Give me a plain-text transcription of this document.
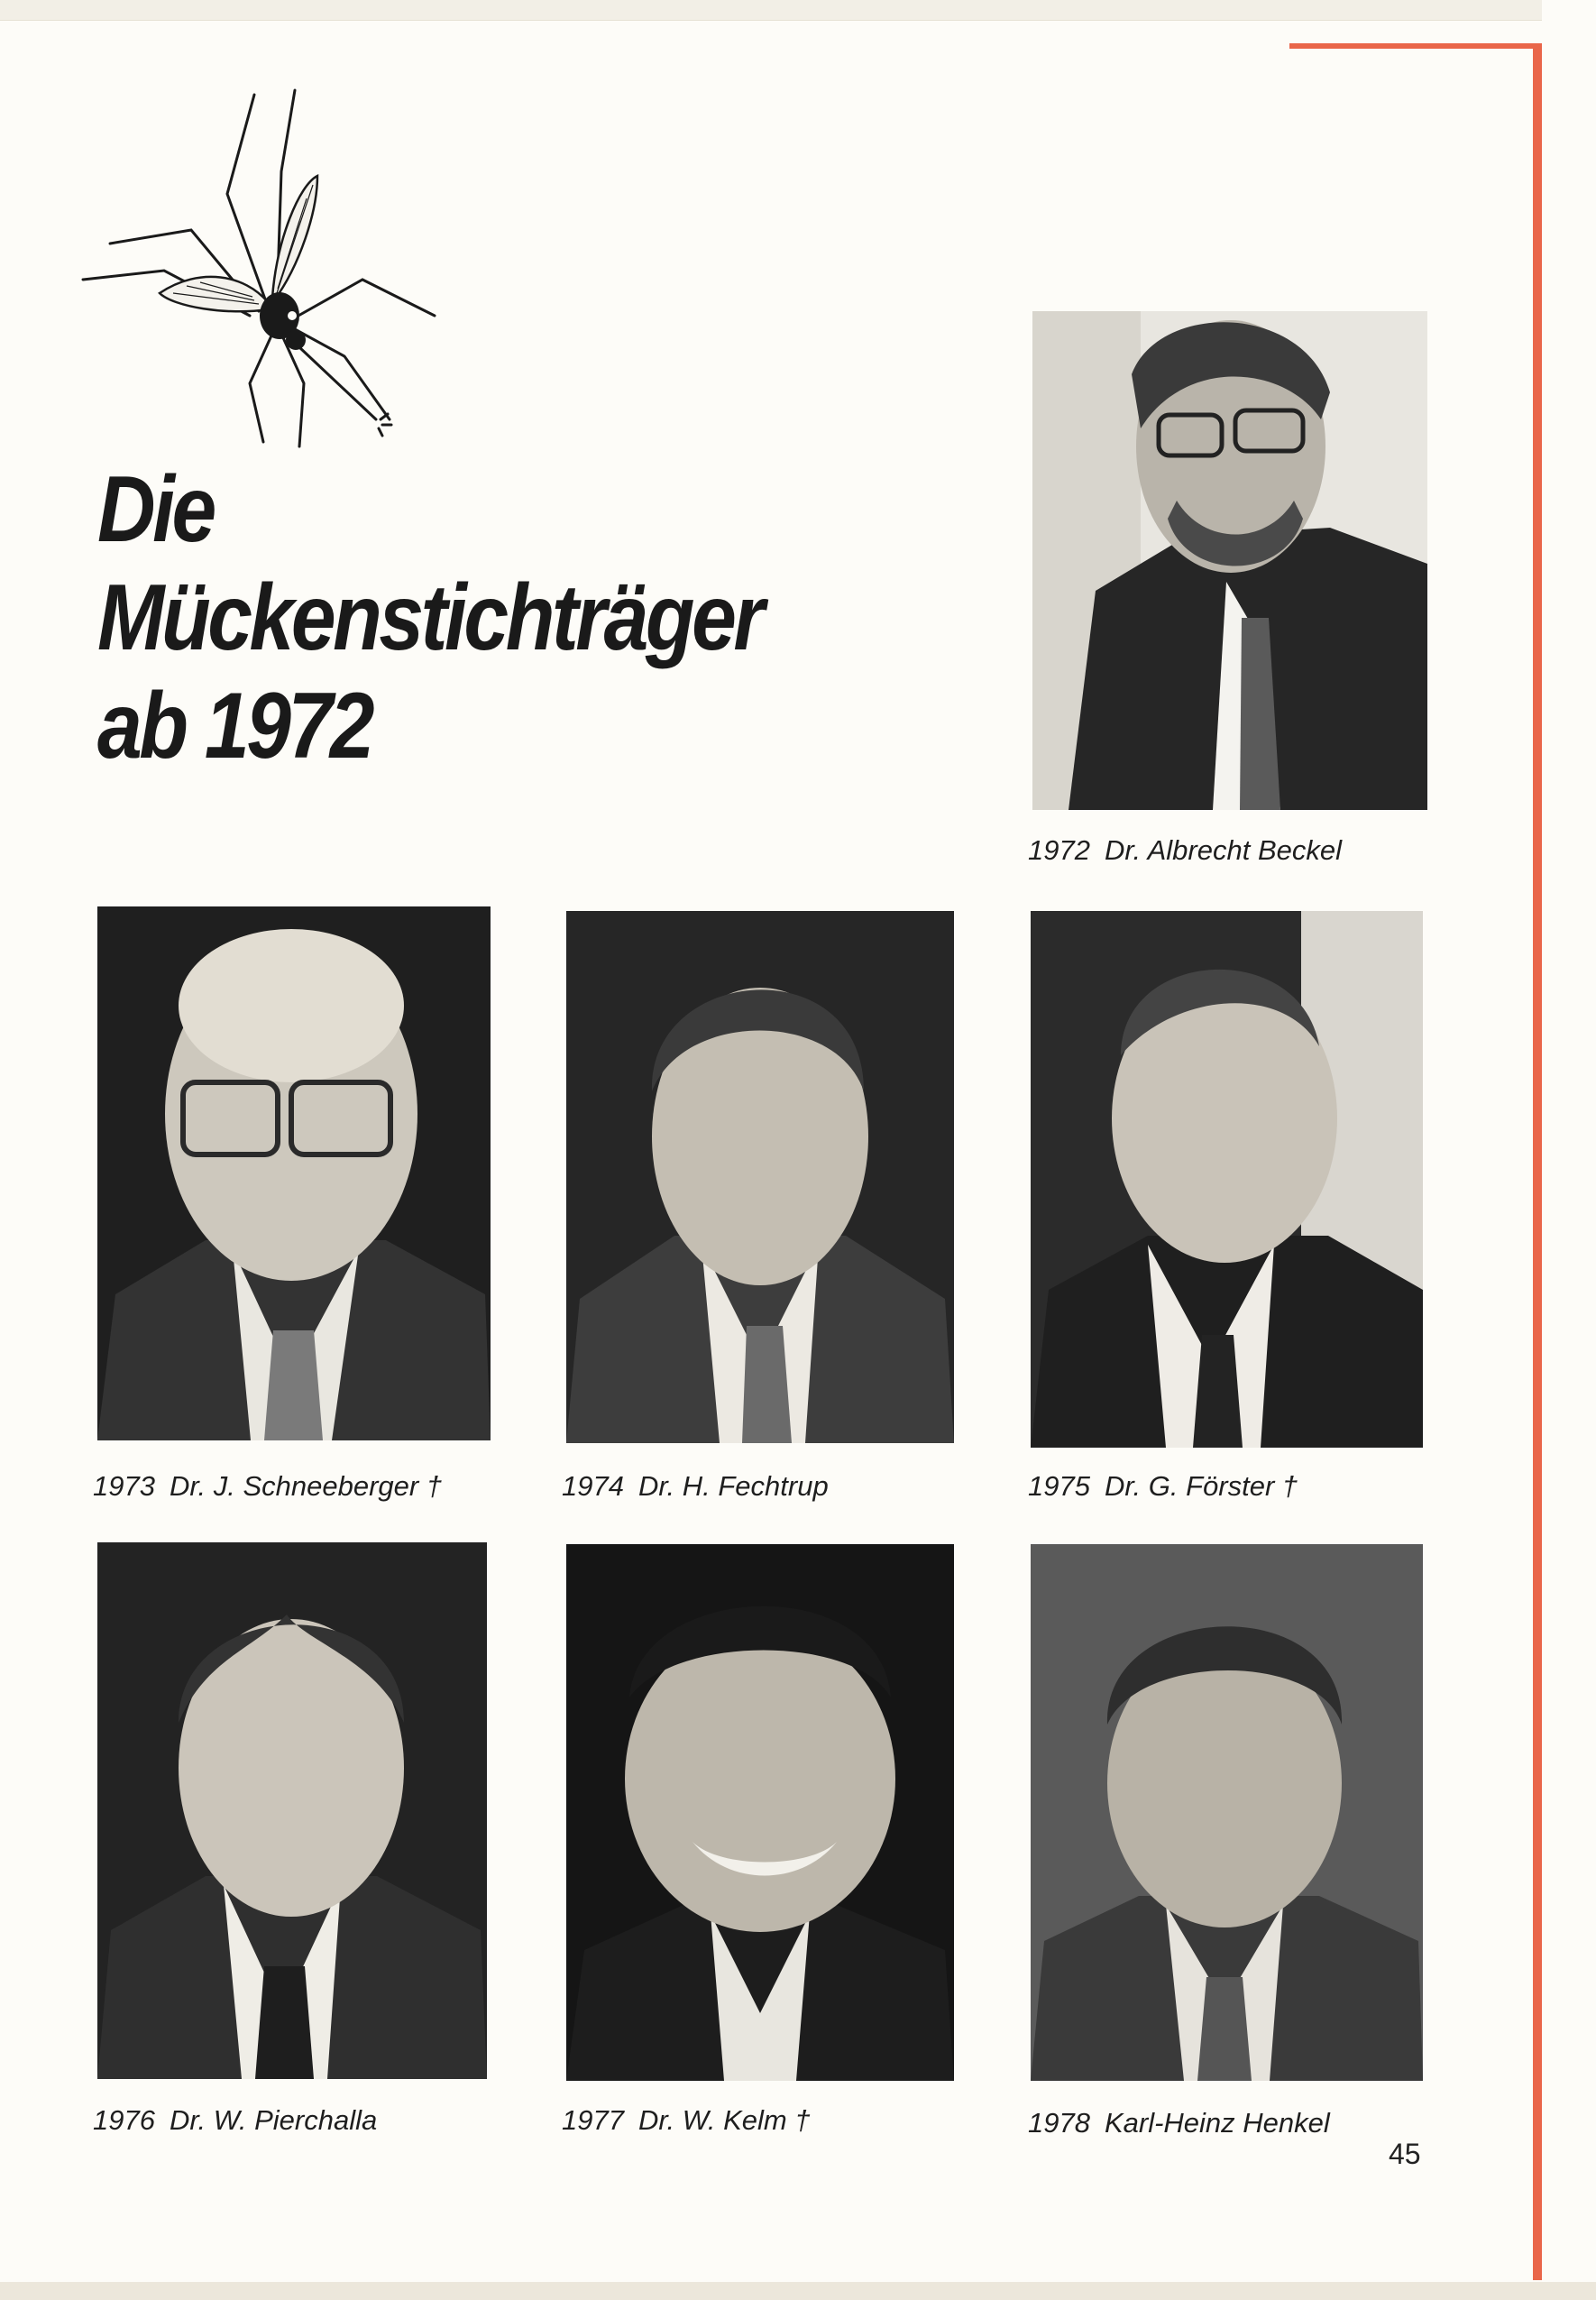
Die
Mückenstichträger
ab 1972
1972 Dr. Albrecht Beckel
1973 Dr. J. Schneeberger †	1974 Dr. H. Fechtrup	1975 Dr. G. Förster †
1976 Dr. W. Pierchalla	1977 Dr. W. Kelm †	1978 Karl-Heinz Henkel
45
